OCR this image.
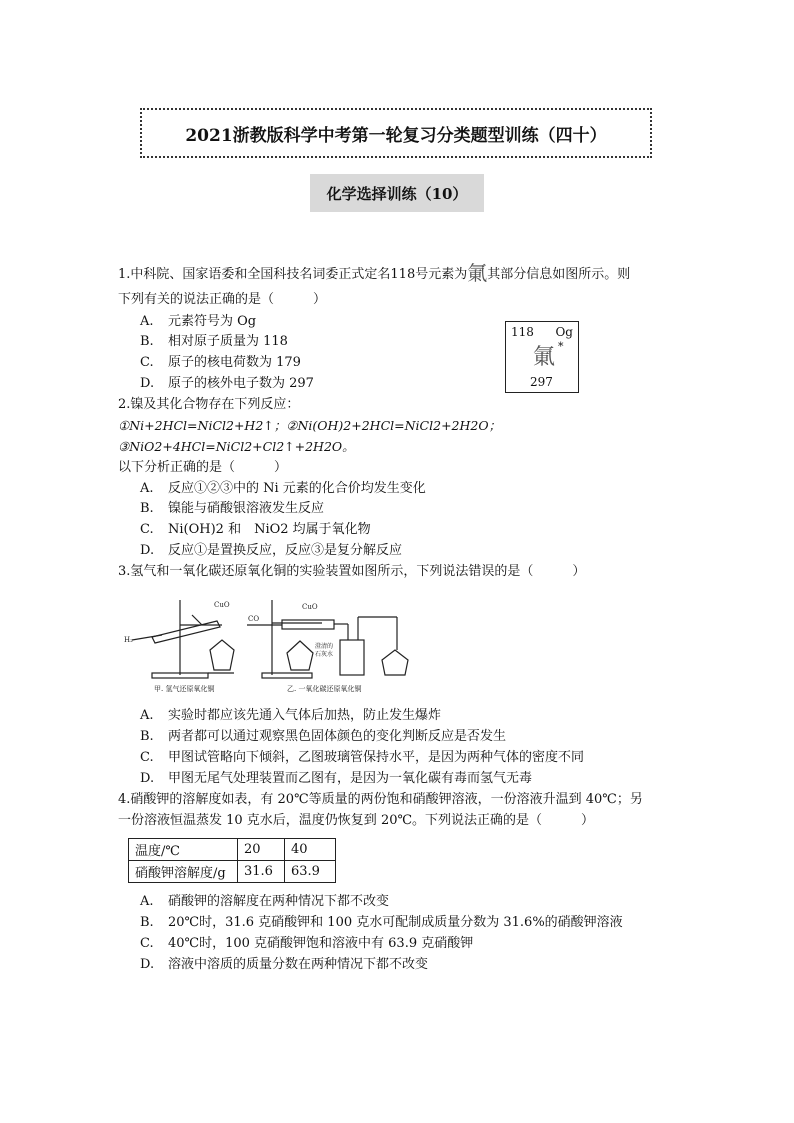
2021浙教版科学中考第一轮复习分类题型训练（四十）
化学选择训练（10）
1.中科院、国家语委和全国科技名词委正式定名118号元素为氭其部分信息如图所示。则
下列有关的说法正确的是（　　　）
A. 元素符号为 Og
B. 相对原子质量为 118
C. 原子的核电荷数为 179
D. 原子的核外电子数为 297
118 Og
氭 *
297
2.镍及其化合物存在下列反应：
①Ni+2HCl=NiCl2+H2↑；②Ni(OH)2+2HCl=NiCl2+2H2O；
③NiO2+4HCl=NiCl2+Cl2↑+2H2O。
以下分析正确的是（　　　）
A. 反应①②③中的 Ni 元素的化合价均发生变化
B. 镍能与硝酸银溶液发生反应
C. Ni(OH)2 和　NiO2 均属于氧化物
D. 反应①是置换反应，反应③是复分解反应
3.氢气和一氧化碳还原氧化铜的实验装置如图所示，下列说法错误的是（　　　）
CuO
H₂
CO
CuO
澄清的
石灰水
甲. 氢气还原氧化铜	乙. 一氧化碳还原氧化铜
A. 实验时都应该先通入气体后加热，防止发生爆炸
B. 两者都可以通过观察黑色固体颜色的变化判断反应是否发生
C. 甲图试管略向下倾斜，乙图玻璃管保持水平，是因为两种气体的密度不同
D. 甲图无尾气处理装置而乙图有，是因为一氧化碳有毒而氢气无毒
4.硝酸钾的溶解度如表，有 20℃等质量的两份饱和硝酸钾溶液，一份溶液升温到 40℃；另
一份溶液恒温蒸发 10 克水后，温度仍恢复到 20℃。下列说法正确的是（　　　）
温度/℃	20	40
硝酸钾溶解度/g	31.6	63.9
A. 硝酸钾的溶解度在两种情况下都不改变
B. 20℃时，31.6 克硝酸钾和 100 克水可配制成质量分数为 31.6%的硝酸钾溶液
C. 40℃时，100 克硝酸钾饱和溶液中有 63.9 克硝酸钾
D. 溶液中溶质的质量分数在两种情况下都不改变
